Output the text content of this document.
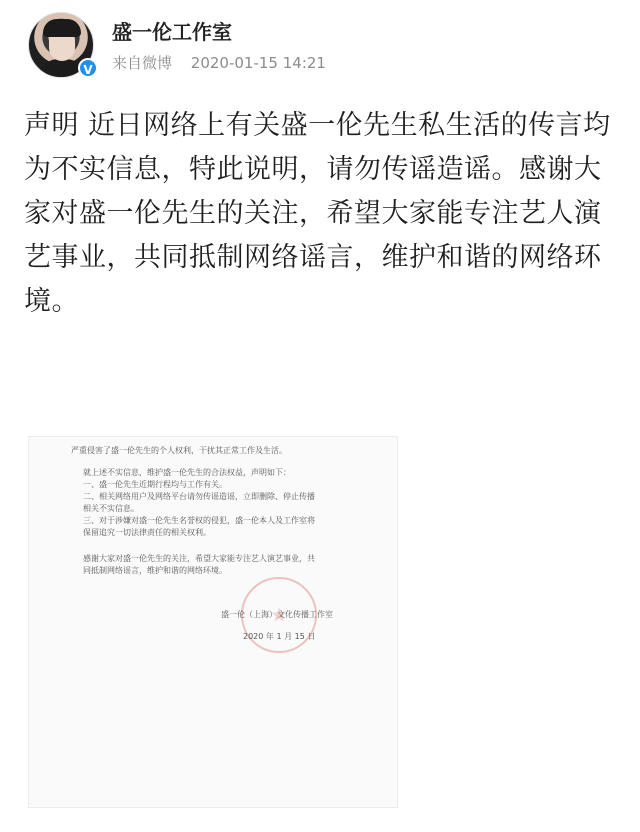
V
盛一伦工作室
来自微博 2020-01-15 14:21
声明 近日网络上有关盛一伦先生私生活的传言均为不实信息，特此说明，请勿传谣造谣。感谢大家对盛一伦先生的关注，希望大家能专注艺人演艺事业，共同抵制网络谣言，维护和谐的网络环境。
严重侵害了盛一伦先生的个人权利，干扰其正常工作及生活。
就上述不实信息，维护盛一伦先生的合法权益，声明如下：
一、盛一伦先生近期行程均与工作有关。
二、相关网络用户及网络平台请勿传谣造谣，立即删除、停止传播
相关不实信息。
三、对于涉嫌对盛一伦先生名誉权的侵犯，盛一伦本人及工作室将
保留追究一切法律责任的相关权利。
感谢大家对盛一伦先生的关注，希望大家能专注艺人演艺事业，共
同抵制网络谣言，维护和谐的网络环境。
盛一伦（上海）文化传播工作室
2020 年 1 月 15 日
